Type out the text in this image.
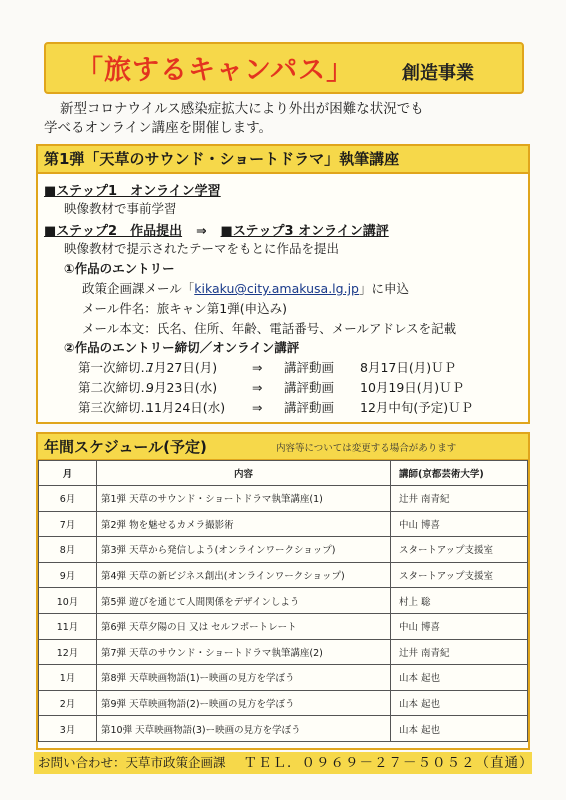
「旅するキャンパス」	創造事業
新型コロナウイルス感染症拡大により外出が困難な状況でも
学べるオンライン講座を開催します。
第1弾「天草のサウンド・ショートドラマ」執筆講座
■ステップ1　オンライン学習
映像教材で事前学習
■ステップ2　作品提出 ⇒ ■ステップ3 オンライン講評
映像教材で提示されたテーマをもとに作品を提出
①作品のエントリー
政策企画課メール「kikaku@city.amakusa.lg.jp」に申込
メール件名：旅キャン第1弾(申込み)
メール本文：氏名、住所、年齢、電話番号、メールアドレスを記載
②作品のエントリー締切／オンライン講評
第一次締切…7月27日(月)	⇒ 講評動画 8月17日(月)ＵＰ
第二次締切…9月23日(水)	⇒ 講評動画 10月19日(月)ＵＰ
第三次締切…11月24日(水) ⇒ 講評動画 12月中旬(予定)ＵＰ
年間スケジュール(予定)	内容等については変更する場合があります
月	内容	講師(京都芸術大学)
6月	第1弾 天草のサウンド・ショートドラマ執筆講座(1)	辻井 南青紀
7月	第2弾 物を魅せるカメラ撮影術	中山 博喜
8月	第3弾 天草から発信しよう(オンラインワークショップ)	スタートアップ支援室
9月	第4弾 天草の新ビジネス創出(オンラインワークショップ)	スタートアップ支援室
10月	第5弾 遊びを通じて人間関係をデザインしよう	村上 聡
11月	第6弾 天草夕陽の日 又は セルフポートレート	中山 博喜
12月	第7弾 天草のサウンド・ショートドラマ執筆講座(2)	辻井 南青紀
1月	第8弾 天草映画物語(1)ー映画の見方を学ぼう	山本 起也
2月	第9弾 天草映画物語(2)ー映画の見方を学ぼう	山本 起也
3月	第10弾 天草映画物語(3)ー映画の見方を学ぼう	山本 起也
お問い合わせ：天草市政策企画課 ＴＥＬ．０９６９－２７－５０５２（直通）
